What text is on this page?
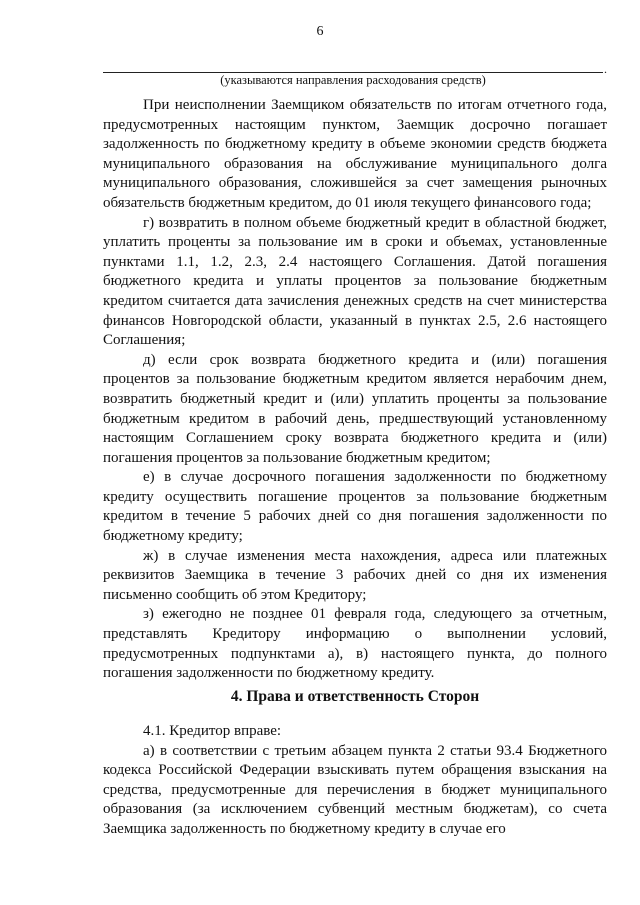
6
.
(указываются направления расходования средств)

При неисполнении Заемщиком обязательств по итогам отчетного года, предусмотренных настоящим пунктом, Заемщик досрочно погашает задолженность по бюджетному кредиту в объеме экономии средств бюджета муниципального образования на обслуживание муниципального долга муниципального образования, сложившейся за счет замещения рыночных обязательств бюджетным кредитом, до 01 июля текущего финансового года;

г) возвратить в полном объеме бюджетный кредит в областной бюджет, уплатить проценты за пользование им в сроки и объемах, установленные пунктами 1.1, 1.2, 2.3, 2.4 настоящего Соглашения. Датой погашения бюджетного кредита и уплаты процентов за пользование бюджетным кредитом считается дата зачисления денежных средств на счет министерства финансов Новгородской области, указанный в пунктах 2.5, 2.6 настоящего Соглашения;

д) если срок возврата бюджетного кредита и (или) погашения процентов за пользование бюджетным кредитом является нерабочим днем, возвратить бюджетный кредит и (или) уплатить проценты за пользование бюджетным кредитом в рабочий день, предшествующий установленному настоящим Соглашением сроку возврата бюджетного кредита и (или) погашения процентов за пользование бюджетным кредитом;

е) в случае досрочного погашения задолженности по бюджетному кредиту осуществить погашение процентов за пользование бюджетным кредитом в течение 5 рабочих дней со дня погашения задолженности по бюджетному кредиту;

ж) в случае изменения места нахождения, адреса или платежных реквизитов Заемщика в течение 3 рабочих дней со дня их изменения письменно сообщить об этом Кредитору;

з) ежегодно не позднее 01 февраля года, следующего за отчетным, представлять Кредитору информацию о выполнении условий, предусмотренных подпунктами а), в) настоящего пункта, до полного погашения задолженности по бюджетному кредиту.

4. Права и ответственность Сторон

4.1. Кредитор вправе:

а) в соответствии с третьим абзацем пункта 2 статьи 93.4 Бюджетного кодекса Российской Федерации взыскивать путем обращения взыскания на средства, предусмотренные для перечисления в бюджет муниципального образования (за исключением субвенций местным бюджетам), со счета Заемщика задолженность по бюджетному кредиту в случае его
